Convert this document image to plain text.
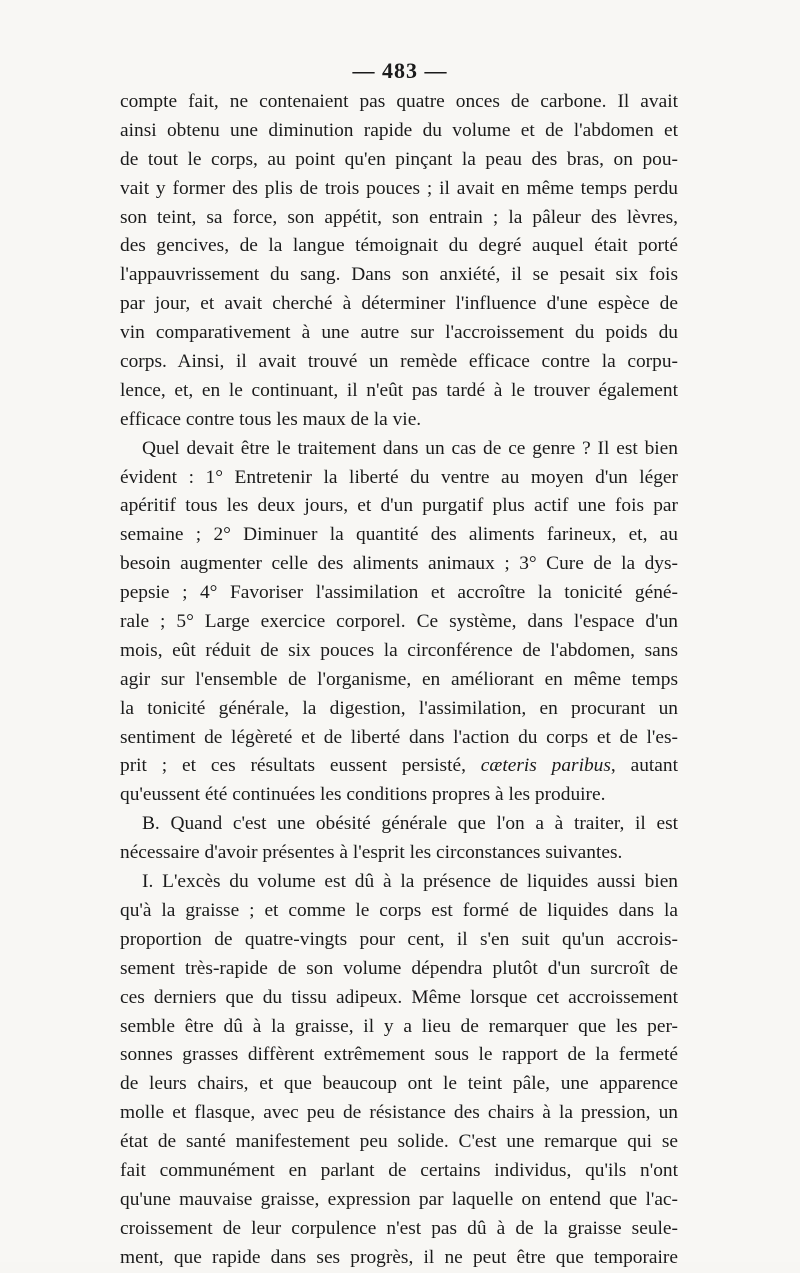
— 483 —
compte fait, ne contenaient pas quatre onces de carbone. Il avait
ainsi obtenu une diminution rapide du volume et de l'abdomen et
de tout le corps, au point qu'en pinçant la peau des bras, on pou-
vait y former des plis de trois pouces ; il avait en même temps perdu
son teint, sa force, son appétit, son entrain ; la pâleur des lèvres,
des gencives, de la langue témoignait du degré auquel était porté
l'appauvrissement du sang. Dans son anxiété, il se pesait six fois
par jour, et avait cherché à déterminer l'influence d'une espèce de
vin comparativement à une autre sur l'accroissement du poids du
corps. Ainsi, il avait trouvé un remède efficace contre la corpu-
lence, et, en le continuant, il n'eût pas tardé à le trouver également
efficace contre tous les maux de la vie.
Quel devait être le traitement dans un cas de ce genre ? Il est bien
évident : 1° Entretenir la liberté du ventre au moyen d'un léger
apéritif tous les deux jours, et d'un purgatif plus actif une fois par
semaine ; 2° Diminuer la quantité des aliments farineux, et, au
besoin augmenter celle des aliments animaux ; 3° Cure de la dys-
pepsie ; 4° Favoriser l'assimilation et accroître la tonicité géné-
rale ; 5° Large exercice corporel. Ce système, dans l'espace d'un
mois, eût réduit de six pouces la circonférence de l'abdomen, sans
agir sur l'ensemble de l'organisme, en améliorant en même temps
la tonicité générale, la digestion, l'assimilation, en procurant un
sentiment de légèreté et de liberté dans l'action du corps et de l'es-
prit ; et ces résultats eussent persisté, cæteris paribus, autant
qu'eussent été continuées les conditions propres à les produire.
B. Quand c'est une obésité générale que l'on a à traiter, il est
nécessaire d'avoir présentes à l'esprit les circonstances suivantes.
I. L'excès du volume est dû à la présence de liquides aussi bien
qu'à la graisse ; et comme le corps est formé de liquides dans la
proportion de quatre-vingts pour cent, il s'en suit qu'un accrois-
sement très-rapide de son volume dépendra plutôt d'un surcroît de
ces derniers que du tissu adipeux. Même lorsque cet accroissement
semble être dû à la graisse, il y a lieu de remarquer que les per-
sonnes grasses diffèrent extrêmement sous le rapport de la fermeté
de leurs chairs, et que beaucoup ont le teint pâle, une apparence
molle et flasque, avec peu de résistance des chairs à la pression, un
état de santé manifestement peu solide. C'est une remarque qui se
fait communément en parlant de certains individus, qu'ils n'ont
qu'une mauvaise graisse, expression par laquelle on entend que l'ac-
croissement de leur corpulence n'est pas dû à de la graisse seule-
ment, que rapide dans ses progrès, il ne peut être que temporaire
